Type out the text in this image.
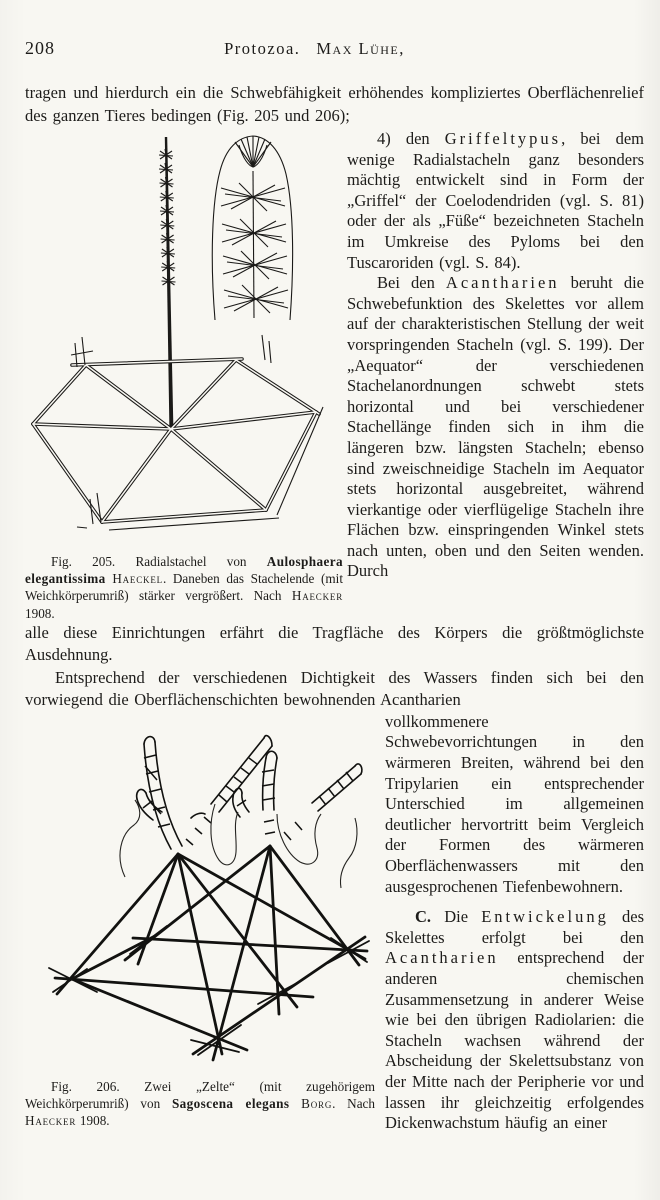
208	Protozoa. Max Lühe,

tragen und hierdurch ein die Schwebfähigkeit erhöhendes kompliziertes Oberflächenrelief des ganzen Tieres bedingen (Fig. 205 und 206);

Fig. 205. Radialstachel von Aulosphaera elegantissima Haeckel. Daneben das Stachelende (mit Weichkörperumriß) stärker vergrößert. Nach Haecker 1908.

4) den Griffeltypus, bei dem wenige Radialstacheln ganz besonders mächtig entwickelt sind in Form der „Griffel“ der Coelodendriden (vgl. S. 81) oder der als „Füße“ bezeichneten Stacheln im Umkreise des Pyloms bei den Tuscaroriden (vgl. S. 84).

Bei den Acantharien beruht die Schwebefunktion des Skelettes vor allem auf der charakteristischen Stellung der weit vorspringenden Stacheln (vgl. S. 199). Der „Aequator“ der verschiedenen Stachelanordnungen schwebt stets horizontal und bei verschiedener Stachellänge finden sich in ihm die längeren bzw. längsten Stacheln; ebenso sind zweischneidige Stacheln im Aequator stets horizontal ausgebreitet, während vierkantige oder vierflügelige Stacheln ihre Flächen bzw. einspringenden Winkel stets nach unten, oben und den Seiten wenden. Durch

alle diese Einrichtungen erfährt die Tragfläche des Körpers die größtmöglichste Ausdehnung.

Entsprechend der verschiedenen Dichtigkeit des Wassers finden sich bei den vorwiegend die Oberflächenschichten bewohnenden Acantharien

Fig. 206. Zwei „Zelte“ (mit zugehörigem Weichkörperumriß) von Sagoscena elegans Borg. Nach Haecker 1908.

vollkommenere Schwebevorrichtungen in den wärmeren Breiten, während bei den Tripylarien ein entsprechender Unterschied im allgemeinen deutlicher hervortritt beim Vergleich der Formen des wärmeren Oberflächenwassers mit den ausgesprochenen Tiefenbewohnern.

C. Die Entwickelung des Skelettes erfolgt bei den Acantharien entsprechend der anderen chemischen Zusammensetzung in anderer Weise wie bei den übrigen Radiolarien: die Stacheln wachsen während der Abscheidung der Skelettsubstanz von der Mitte nach der Peripherie vor und lassen ihr gleichzeitig erfolgendes Dickenwachstum häufig an einer
